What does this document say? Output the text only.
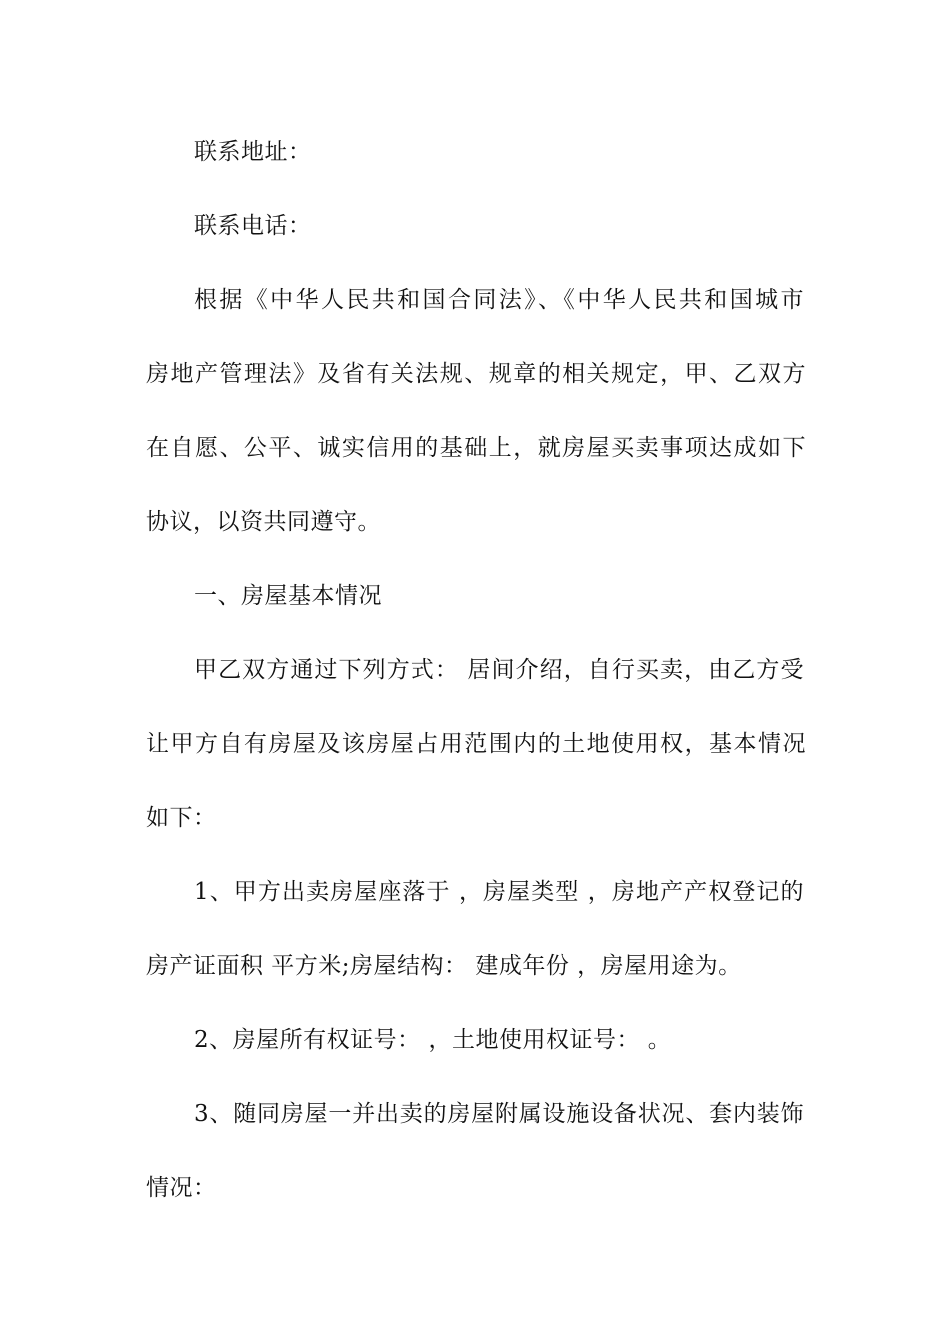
联系地址：
联系电话：
根据《中华人民共和国合同法》、《中华人民共和国城市
房地产管理法》及省有关法规、规章的相关规定，甲、乙双方
在自愿、公平、诚实信用的基础上，就房屋买卖事项达成如下
协议，以资共同遵守。
一、房屋基本情况
甲乙双方通过下列方式： 居间介绍，自行买卖，由乙方受
让甲方自有房屋及该房屋占用范围内的土地使用权，基本情况
如下：
1、甲方出卖房屋座落于 ，房屋类型 ，房地产产权登记的
房产证面积 平方米;房屋结构： 建成年份 ，房屋用途为。
2、房屋所有权证号： ，土地使用权证号： 。
3、随同房屋一并出卖的房屋附属设施设备状况、套内装饰
情况：
